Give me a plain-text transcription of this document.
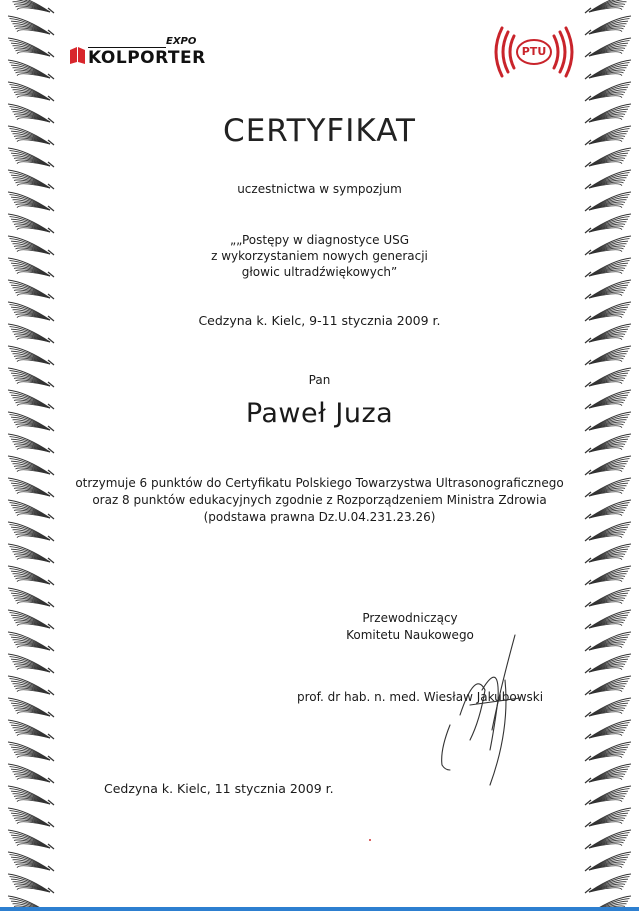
EXPO
KOLPORTER	PTU
CERTYFIKAT
uczestnictwa w sympozjum
„„Postępy w diagnostyce USG
z wykorzystaniem nowych generacji
głowic ultradźwiękowych”
Cedzyna k. Kielc, 9-11 stycznia 2009 r.
Pan
Paweł Juza
otrzymuje 6 punktów do Certyfikatu Polskiego Towarzystwa Ultrasonograficznego
oraz 8 punktów edukacyjnych zgodnie z Rozporządzeniem Ministra Zdrowia
(podstawa prawna Dz.U.04.231.23.26)
Przewodniczący
Komitetu Naukowego
prof. dr hab. n. med. Wiesław Jakubowski
Cedzyna k. Kielc, 11 stycznia 2009 r.
